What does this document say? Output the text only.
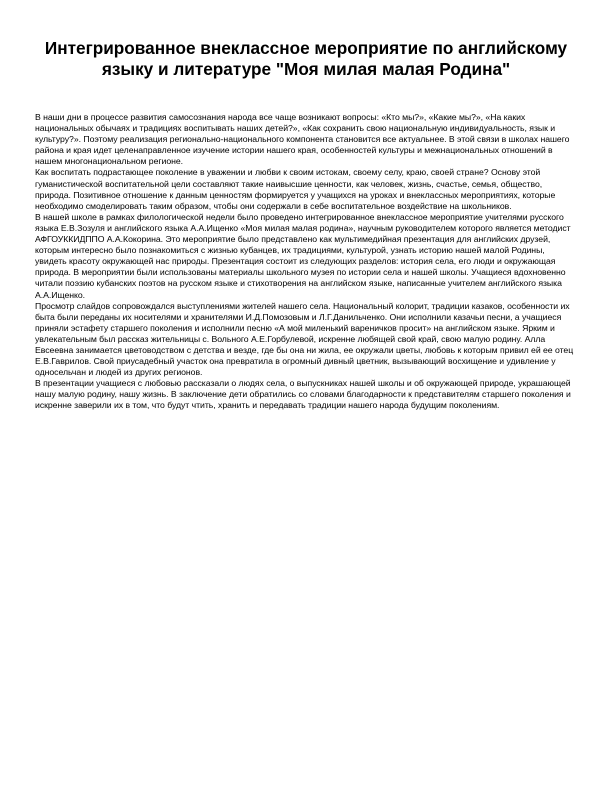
Интегрированное внеклассное мероприятие по английскому языку и литературе "Моя милая малая Родина"

В наши дни в процессе развития самосознания народа все чаще возникают вопросы: «Кто мы?», «Какие мы?», «На каких национальных обычаях и традициях воспитывать наших детей?», «Как сохранить свою национальную индивидуальность, язык и культуру?». Поэтому реализация регионально-национального компонента становится все актуальнее. В этой связи в школах нашего района и края идет целенаправленное изучение истории нашего края, особенностей культуры и межнациональных отношений в нашем многонациональном регионе.

Как воспитать подрастающее поколение в уважении и любви к своим истокам, своему селу, краю, своей стране? Основу этой гуманистической воспитательной цели составляют такие наивысшие ценности, как человек, жизнь, счастье, семья, общество, природа. Позитивное отношение к данным ценностям формируется у учащихся на уроках и внеклассных мероприятиях, которые необходимо смоделировать таким образом, чтобы они содержали в себе воспитательное воздействие на школьников.

В нашей школе в рамках филологической недели было проведено интегрированное внеклассное мероприятие учителями русского языка Е.В.Зозуля и английского языка А.А.Ищенко «Моя милая малая родина», научным руководителем которого является методист АФГОУККИДППО А.А.Кокорина. Это мероприятие было представлено как мультимедийная презентация для английских друзей, которым интересно было познакомиться с жизнью кубанцев, их традициями, культурой, узнать историю нашей малой Родины, увидеть красоту окружающей нас природы. Презентация состоит из следующих разделов: история села, его люди и окружающая природа. В мероприятии были использованы материалы школьного музея по истории села и нашей школы. Учащиеся вдохновенно читали поэзию кубанских поэтов на русском языке и стихотворения на английском языке, написанные учителем английского языка А.А.Ищенко.

Просмотр слайдов сопровождался выступлениями жителей нашего села. Национальный колорит, традиции казаков, особенности их быта были переданы их носителями и хранителями И.Д.Помозовым и Л.Г.Данильченко. Они исполнили казачьи песни, а учащиеся приняли эстафету старшего поколения и исполнили песню «А мой миленький вареничков просит» на английском языке. Ярким и увлекательным был рассказ жительницы с. Вольного А.Е.Горбулевой, искренне любящей свой край, свою малую родину. Алла Евсеевна занимается цветоводством с детства и везде, где бы она ни жила, ее окружали цветы, любовь к которым привил ей ее отец Е.В.Гаврилов. Свой приусадебный участок она превратила в огромный дивный цветник, вызывающий восхищение и удивление у односельчан и людей из других регионов.

В презентации учащиеся с любовью рассказали о людях села, о выпускниках нашей школы и об окружающей природе, украшающей нашу малую родину, нашу жизнь. В заключение дети обратились со словами благодарности к представителям старшего поколения и искренне заверили их в том, что будут чтить, хранить и передавать традиции нашего народа будущим поколениям.
